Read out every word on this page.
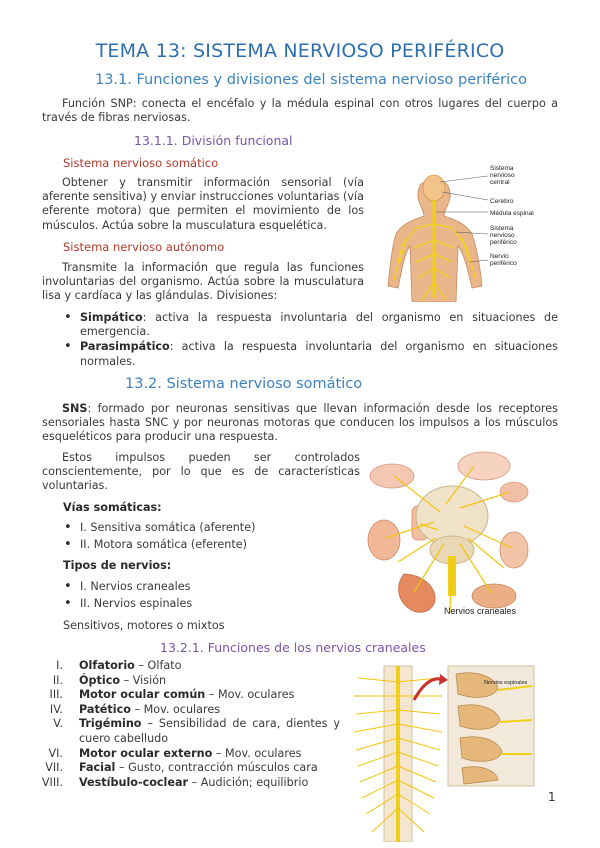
TEMA 13: SISTEMA NERVIOSO PERIFÉRICO
13.1. Funciones y divisiones del sistema nervioso periférico
Función SNP: conecta el encéfalo y la médula espinal con otros lugares del cuerpo a través de fibras nerviosas.
13.1.1. División funcional
Sistema nervioso somático
Obtener y transmitir información sensorial (vía aferente sensitiva) y enviar instrucciones voluntarias (vía eferente motora) que permiten el movimiento de los músculos. Actúa sobre la musculatura esquelética.
Sistema nervioso autónomo
Transmite la información que regula las funciones involuntarias del organismo. Actúa sobre la musculatura lisa y cardíaca y las glándulas. Divisiones:
Sistema
nervioso
central
Cerebro
Médula espinal
Sistema
nervioso
periférico
Nervio
periférico
• Simpático: activa la respuesta involuntaria del organismo en situaciones de emergencia.
• Parasimpático: activa la respuesta involuntaria del organismo en situaciones normales.
13.2. Sistema nervioso somático
SNS: formado por neuronas sensitivas que llevan información desde los receptores sensoriales hasta SNC y por neuronas motoras que conducen los impulsos a los músculos esqueléticos para producir una respuesta.
Estos impulsos pueden ser controlados conscientemente, por lo que es de características voluntarias.
Vías somáticas:
• I. Sensitiva somática (aferente)
• II. Motora somática (eferente)
Tipos de nervios:
• I. Nervios craneales
• II. Nervios espinales
Sensitivos, motores o mixtos
Nervios craneales
13.2.1. Funciones de los nervios craneales
I. Olfatorio – Olfato
II. Óptico – Visión
III. Motor ocular común – Mov. oculares
IV. Patético – Mov. oculares
V. Trigémino – Sensibilidad de cara, dientes y cuero cabelludo
VI. Motor ocular externo – Mov. oculares
VII. Facial – Gusto, contracción músculos cara
VIII. Vestíbulo-coclear – Audición; equilibrio
Nervios espinales
1
